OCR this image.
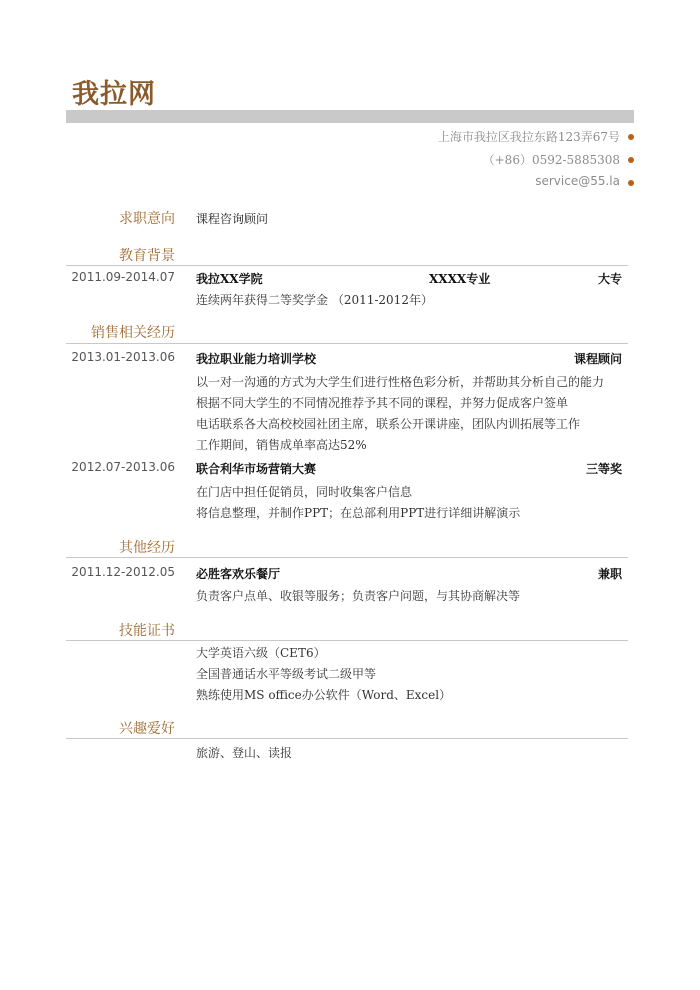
我拉网
上海市我拉区我拉东路123弄67号
（+86）0592-5885308
service@55.la
求职意向 课程咨询顾问
教育背景
2011.09-2014.07 我拉XX学院	XXXX专业	大专
连续两年获得二等奖学金 （2011-2012年）
销售相关经历
2013.01-2013.06 我拉职业能力培训学校	课程顾问
以一对一沟通的方式为大学生们进行性格色彩分析，并帮助其分析自己的能力
根据不同大学生的不同情况推荐予其不同的课程，并努力促成客户签单
电话联系各大高校校园社团主席，联系公开课讲座，团队内训拓展等工作
工作期间，销售成单率高达52%
2012.07-2013.06 联合利华市场营销大赛	三等奖
在门店中担任促销员，同时收集客户信息
将信息整理，并制作PPT；在总部利用PPT进行详细讲解演示
其他经历
2011.12-2012.05 必胜客欢乐餐厅	兼职
负责客户点单、收银等服务；负责客户问题，与其协商解决等
技能证书
大学英语六级（CET6）
全国普通话水平等级考试二级甲等
熟练使用MS office办公软件（Word、Excel）
兴趣爱好
旅游、登山、读报
